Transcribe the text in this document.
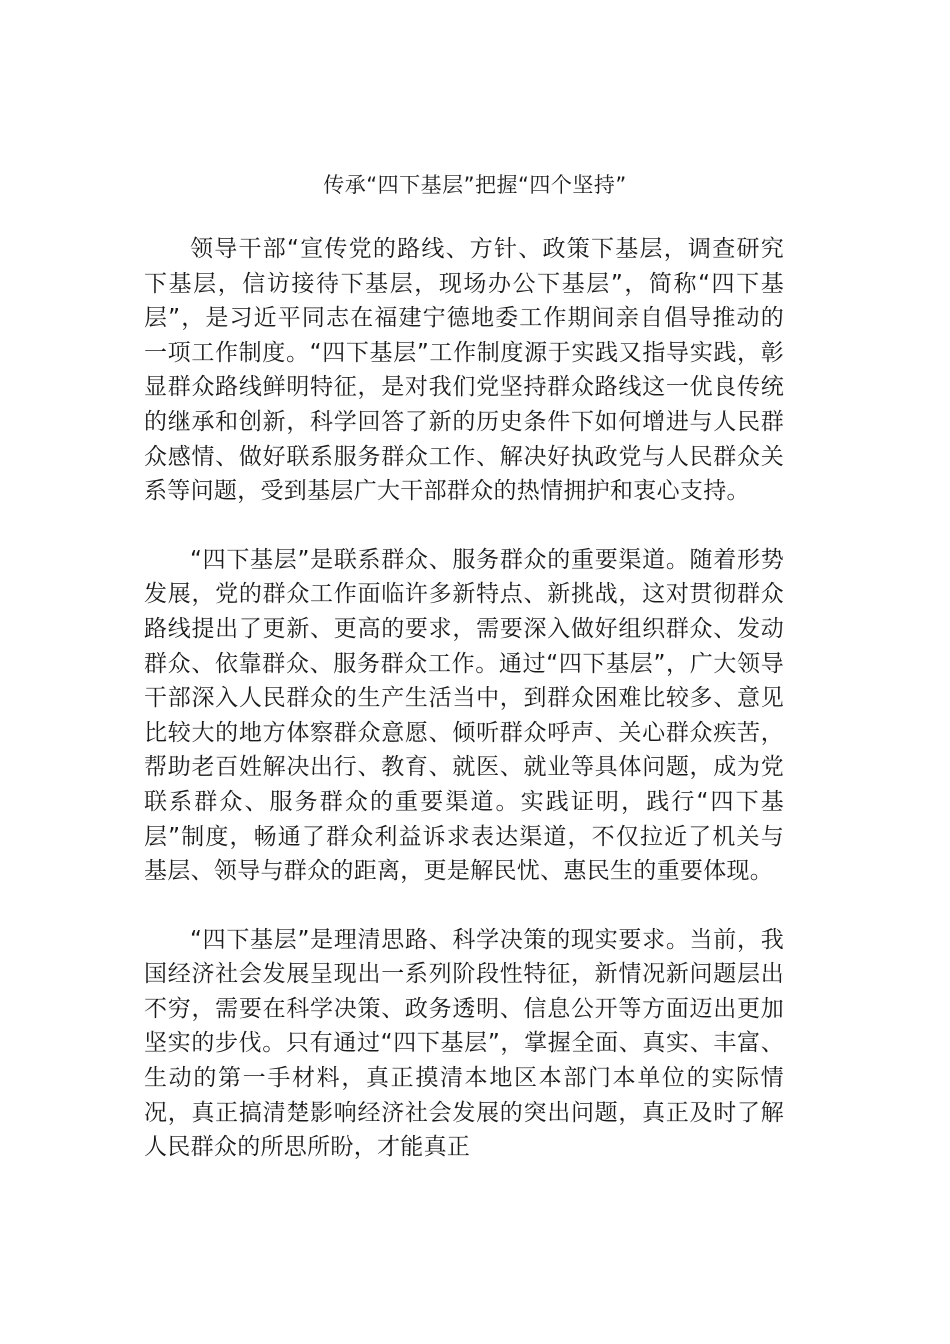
传承“四下基层”把握“四个坚持”

领导干部“宣传党的路线、方针、政策下基层，调查研究下基层，信访接待下基层，现场办公下基层”，简称“四下基层”，是习近平同志在福建宁德地委工作期间亲自倡导推动的一项工作制度。“四下基层”工作制度源于实践又指导实践，彰显群众路线鲜明特征，是对我们党坚持群众路线这一优良传统的继承和创新，科学回答了新的历史条件下如何增进与人民群众感情、做好联系服务群众工作、解决好执政党与人民群众关系等问题，受到基层广大干部群众的热情拥护和衷心支持。

“四下基层”是联系群众、服务群众的重要渠道。随着形势发展，党的群众工作面临许多新特点、新挑战，这对贯彻群众路线提出了更新、更高的要求，需要深入做好组织群众、发动群众、依靠群众、服务群众工作。通过“四下基层”，广大领导干部深入人民群众的生产生活当中，到群众困难比较多、意见比较大的地方体察群众意愿、倾听群众呼声、关心群众疾苦，帮助老百姓解决出行、教育、就医、就业等具体问题，成为党联系群众、服务群众的重要渠道。实践证明，践行“四下基层”制度，畅通了群众利益诉求表达渠道，不仅拉近了机关与基层、领导与群众的距离，更是解民忧、惠民生的重要体现。

“四下基层”是理清思路、科学决策的现实要求。当前，我国经济社会发展呈现出一系列阶段性特征，新情况新问题层出不穷，需要在科学决策、政务透明、信息公开等方面迈出更加坚实的步伐。只有通过“四下基层”，掌握全面、真实、丰富、生动的第一手材料，真正摸清本地区本部门本单位的实际情况，真正搞清楚影响经济社会发展的突出问题，真正及时了解人民群众的所思所盼，才能真正
